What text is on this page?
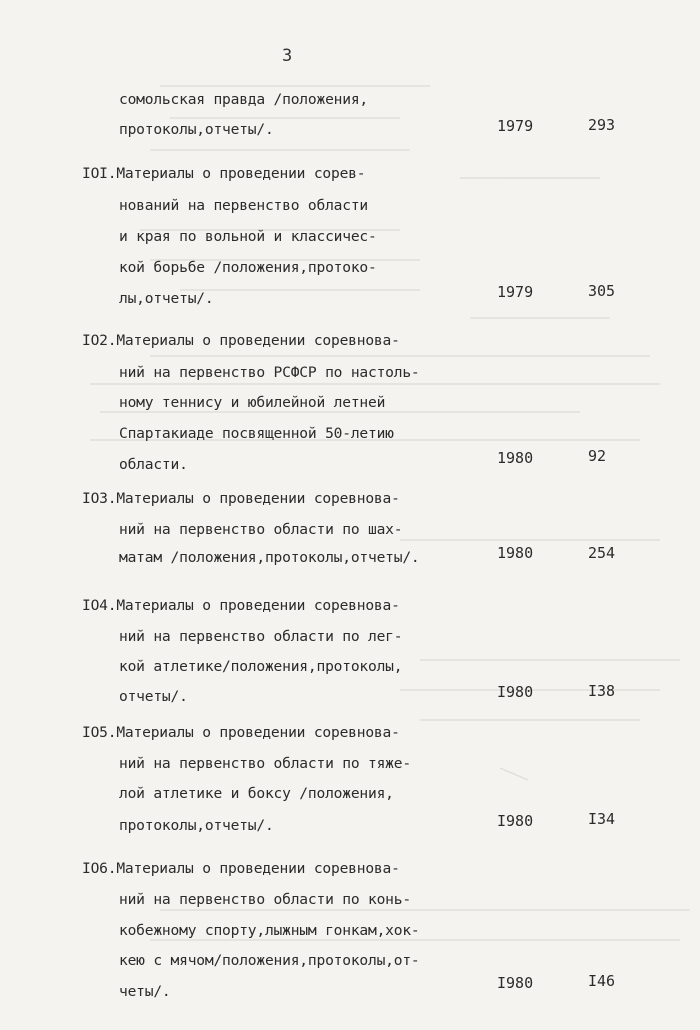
3
сомольская правда /положения,
протоколы,отчеты/.	1979	293
IOI.Материалы о проведении сорев-
нований на первенство области
и края по вольной и классичес-
кой борьбе /положения,протоко-
лы,отчеты/.	1979	305
IO2.Материалы о проведении соревнова-
ний на первенство РСФСР по настоль-
ному теннису и юбилейной летней
Спартакиаде посвященной 50-летию
области.	1980	92
IO3.Материалы о проведении соревнова-
ний на первенство области по шах-
матам /положения,протоколы,отчеты/.	1980	254
IO4.Материалы о проведении соревнова-
ний на первенство области по лег-
кой атлетике/положения,протоколы,
отчеты/.	I980	I38
IO5.Материалы о проведении соревнова-
ний на первенство области по тяже-
лой атлетике и боксу /положения,
протоколы,отчеты/.	I980	I34
IO6.Материалы о проведении соревнова-
ний на первенство области по конь-
кобежному спорту,лыжным гонкам,хок-
кею с мячом/положения,протоколы,от-
четы/.	I980	I46
